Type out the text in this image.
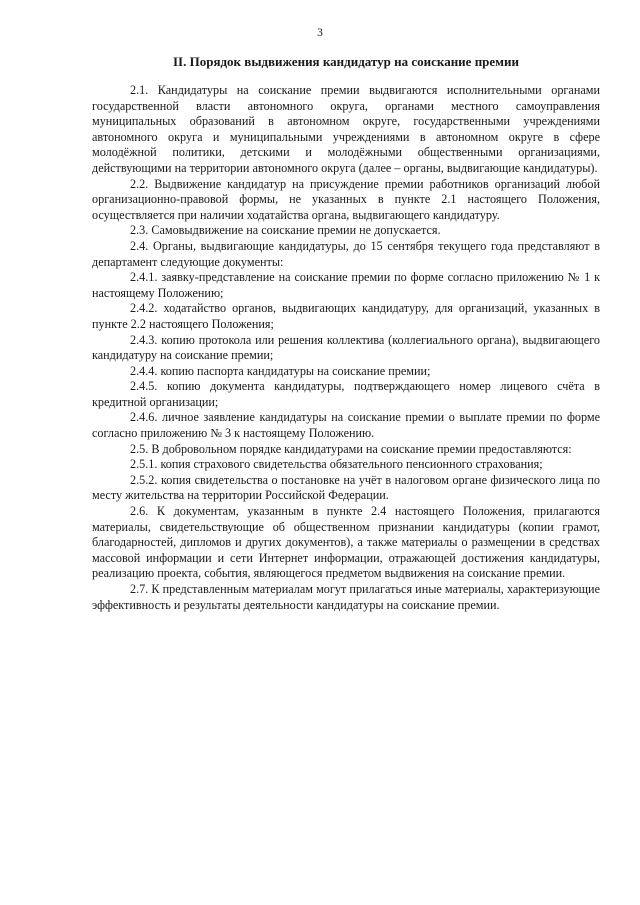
3
II. Порядок выдвижения кандидатур на соискание премии

2.1. Кандидатуры на соискание премии выдвигаются исполнительными органами государственной власти автономного округа, органами местного самоуправления муниципальных образований в автономном округе, государственными учреждениями автономного округа и муниципальными учреждениями в автономном округе в сфере молодёжной политики, детскими и молодёжными общественными организациями, действующими на территории автономного округа (далее – органы, выдвигающие кандидатуры).

2.2. Выдвижение кандидатур на присуждение премии работников организаций любой организационно-правовой формы, не указанных в пункте 2.1 настоящего Положения, осуществляется при наличии ходатайства органа, выдвигающего кандидатуру.

2.3. Самовыдвижение на соискание премии не допускается.

2.4. Органы, выдвигающие кандидатуры, до 15 сентября текущего года представляют в департамент следующие документы:

2.4.1. заявку-представление на соискание премии по форме согласно приложению № 1 к настоящему Положению;

2.4.2. ходатайство органов, выдвигающих кандидатуру, для организаций, указанных в пункте 2.2 настоящего Положения;

2.4.3. копию протокола или решения коллектива (коллегиального органа), выдвигающего кандидатуру на соискание премии;

2.4.4. копию паспорта кандидатуры на соискание премии;

2.4.5. копию документа кандидатуры, подтверждающего номер лицевого счёта в кредитной организации;

2.4.6. личное заявление кандидатуры на соискание премии о выплате премии по форме согласно приложению № 3 к настоящему Положению.

2.5. В добровольном порядке кандидатурами на соискание премии предоставляются:

2.5.1. копия страхового свидетельства обязательного пенсионного страхования;

2.5.2. копия свидетельства о постановке на учёт в налоговом органе физического лица по месту жительства на территории Российской Федерации.

2.6. К документам, указанным в пункте 2.4 настоящего Положения, прилагаются материалы, свидетельствующие об общественном признании кандидатуры (копии грамот, благодарностей, дипломов и других документов), а также материалы о размещении в средствах массовой информации и сети Интернет информации, отражающей достижения кандидатуры, реализацию проекта, события, являющегося предметом выдвижения на соискание премии.

2.7. К представленным материалам могут прилагаться иные материалы, характеризующие эффективность и результаты деятельности кандидатуры на соискание премии.
